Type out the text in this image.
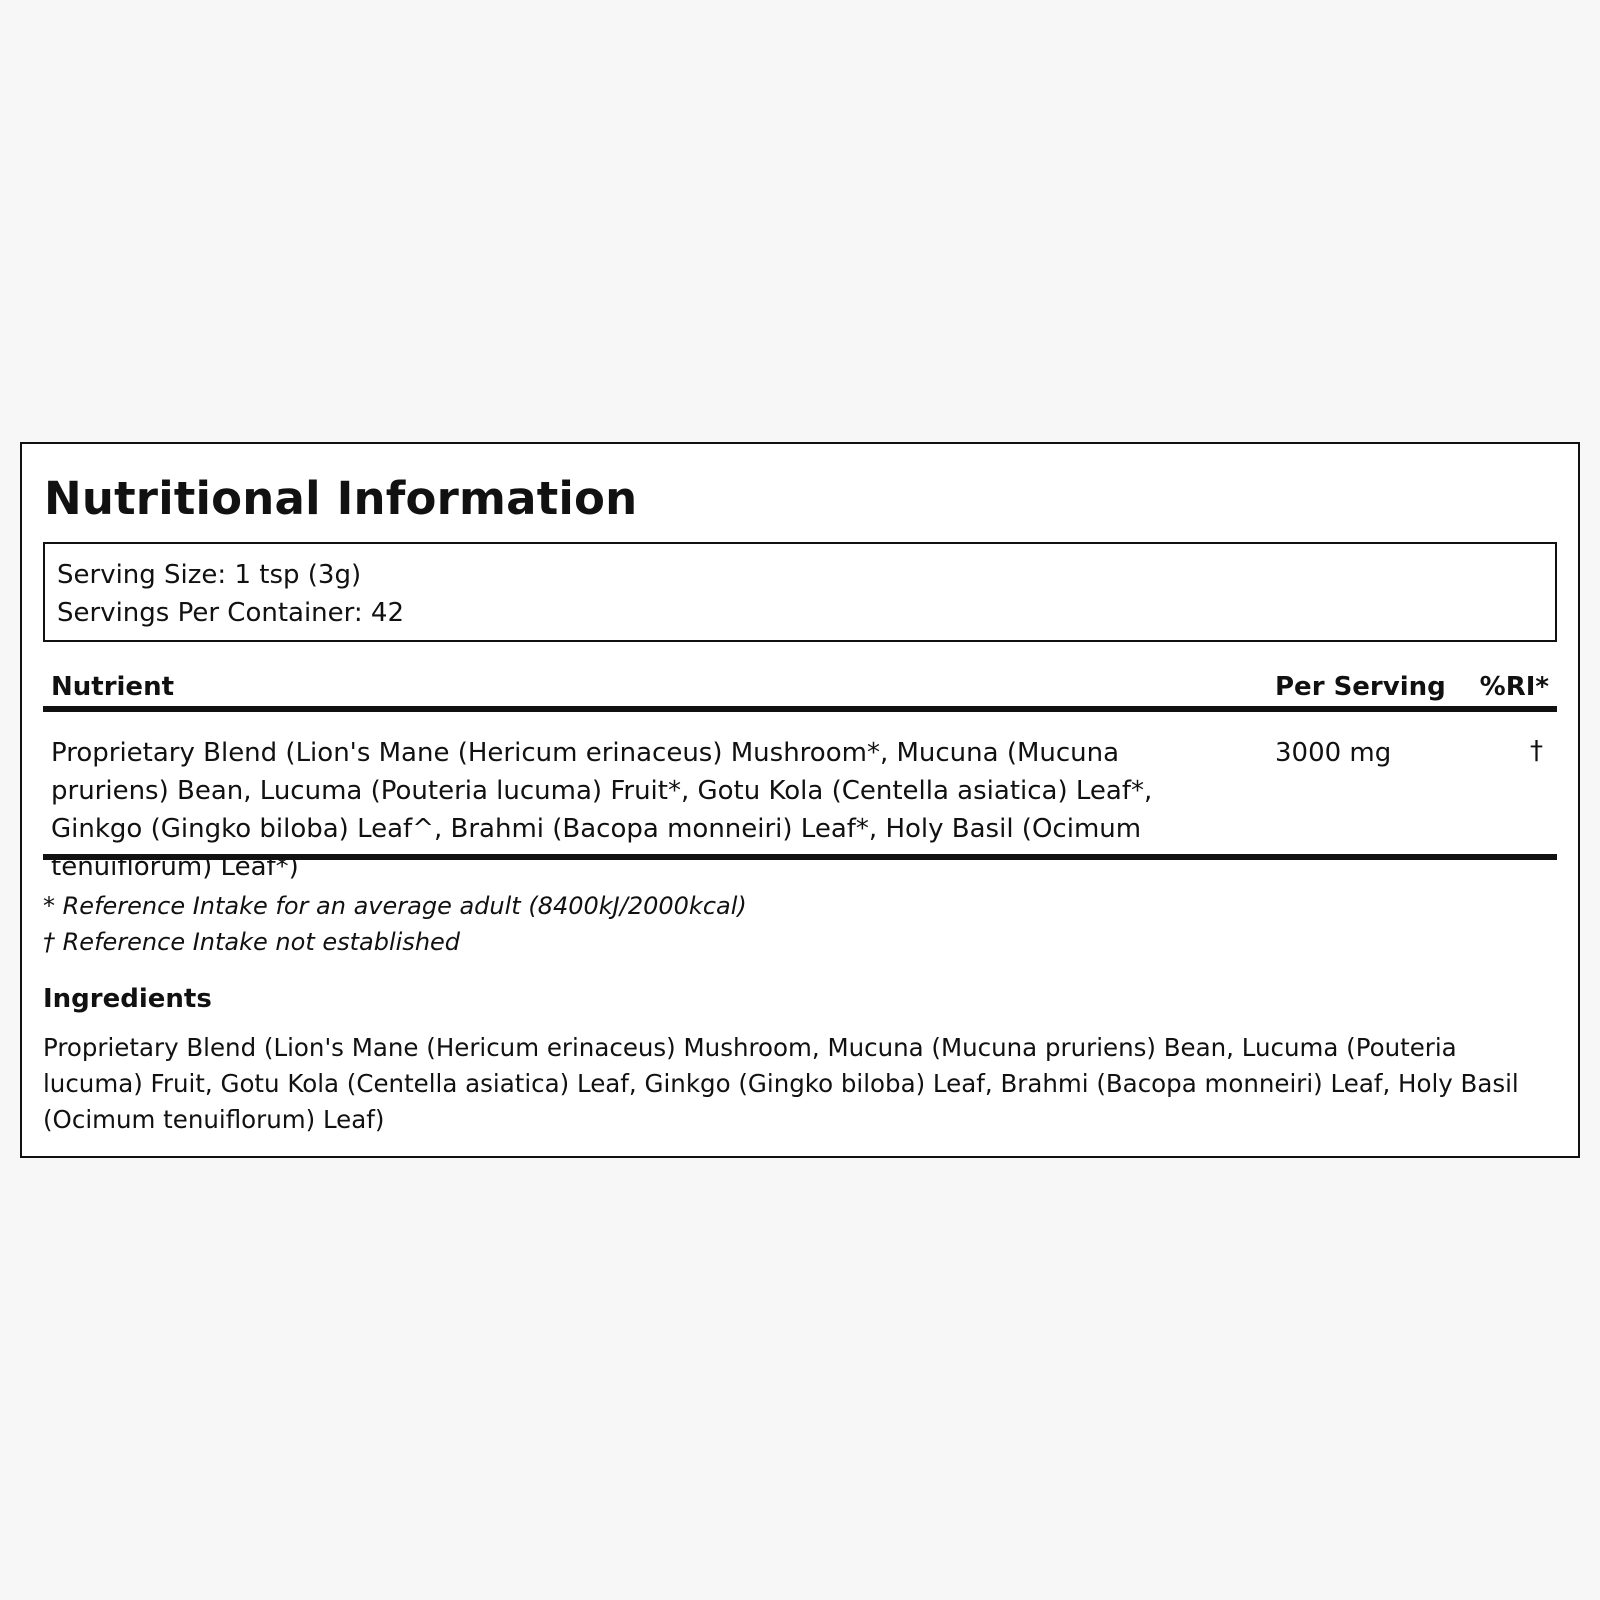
Nutritional Information
Serving Size: 1 tsp (3g)
Servings Per Container: 42
Nutrient	Per Serving %RI*
Proprietary Blend (Lion's Mane (Hericum erinaceus) Mushroom*, Mucuna (Mucuna pruriens) Bean, Lucuma (Pouteria lucuma) Fruit*, Gotu Kola (Centella asiatica) Leaf*, Ginkgo (Gingko biloba) Leaf^, Brahmi (Bacopa monneiri) Leaf*, Holy Basil (Ocimum tenuiflorum) Leaf*)
3000 mg	†
* Reference Intake for an average adult (8400kJ/2000kcal)
† Reference Intake not established
Ingredients
Proprietary Blend (Lion's Mane (Hericum erinaceus) Mushroom, Mucuna (Mucuna pruriens) Bean, Lucuma (Pouteria lucuma) Fruit, Gotu Kola (Centella asiatica) Leaf, Ginkgo (Gingko biloba) Leaf, Brahmi (Bacopa monneiri) Leaf, Holy Basil (Ocimum tenuiflorum) Leaf)
